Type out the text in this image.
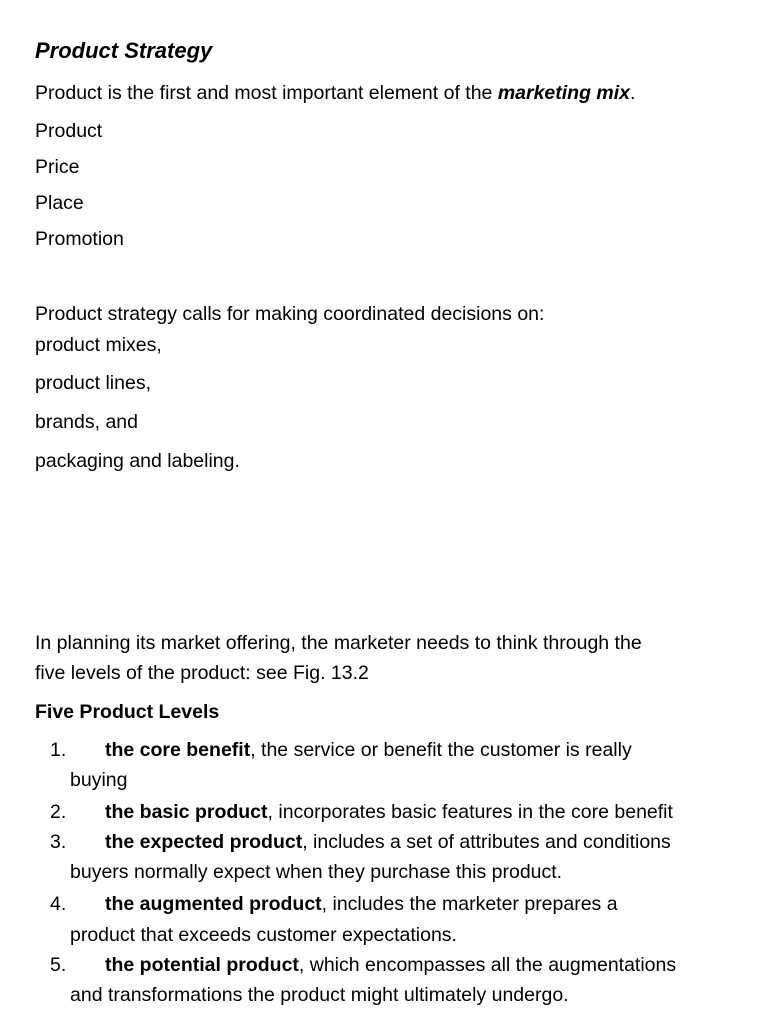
Product Strategy
Product is the first and most important element of the marketing mix.
Product
Price
Place
Promotion
Product strategy calls for making coordinated decisions on:
product mixes,
product lines,
brands, and
packaging and labeling.
In planning its market offering, the marketer needs to think through the
five levels of the product: see Fig. 13.2
Five Product Levels
1. the core benefit, the service or benefit the customer is really
buying
2. the basic product, incorporates basic features in the core benefit
3. the expected product, includes a set of attributes and conditions
buyers normally expect when they purchase this product.
4. the augmented product, includes the marketer prepares a
product that exceeds customer expectations.
5. the potential product, which encompasses all the augmentations
and transformations the product might ultimately undergo.
